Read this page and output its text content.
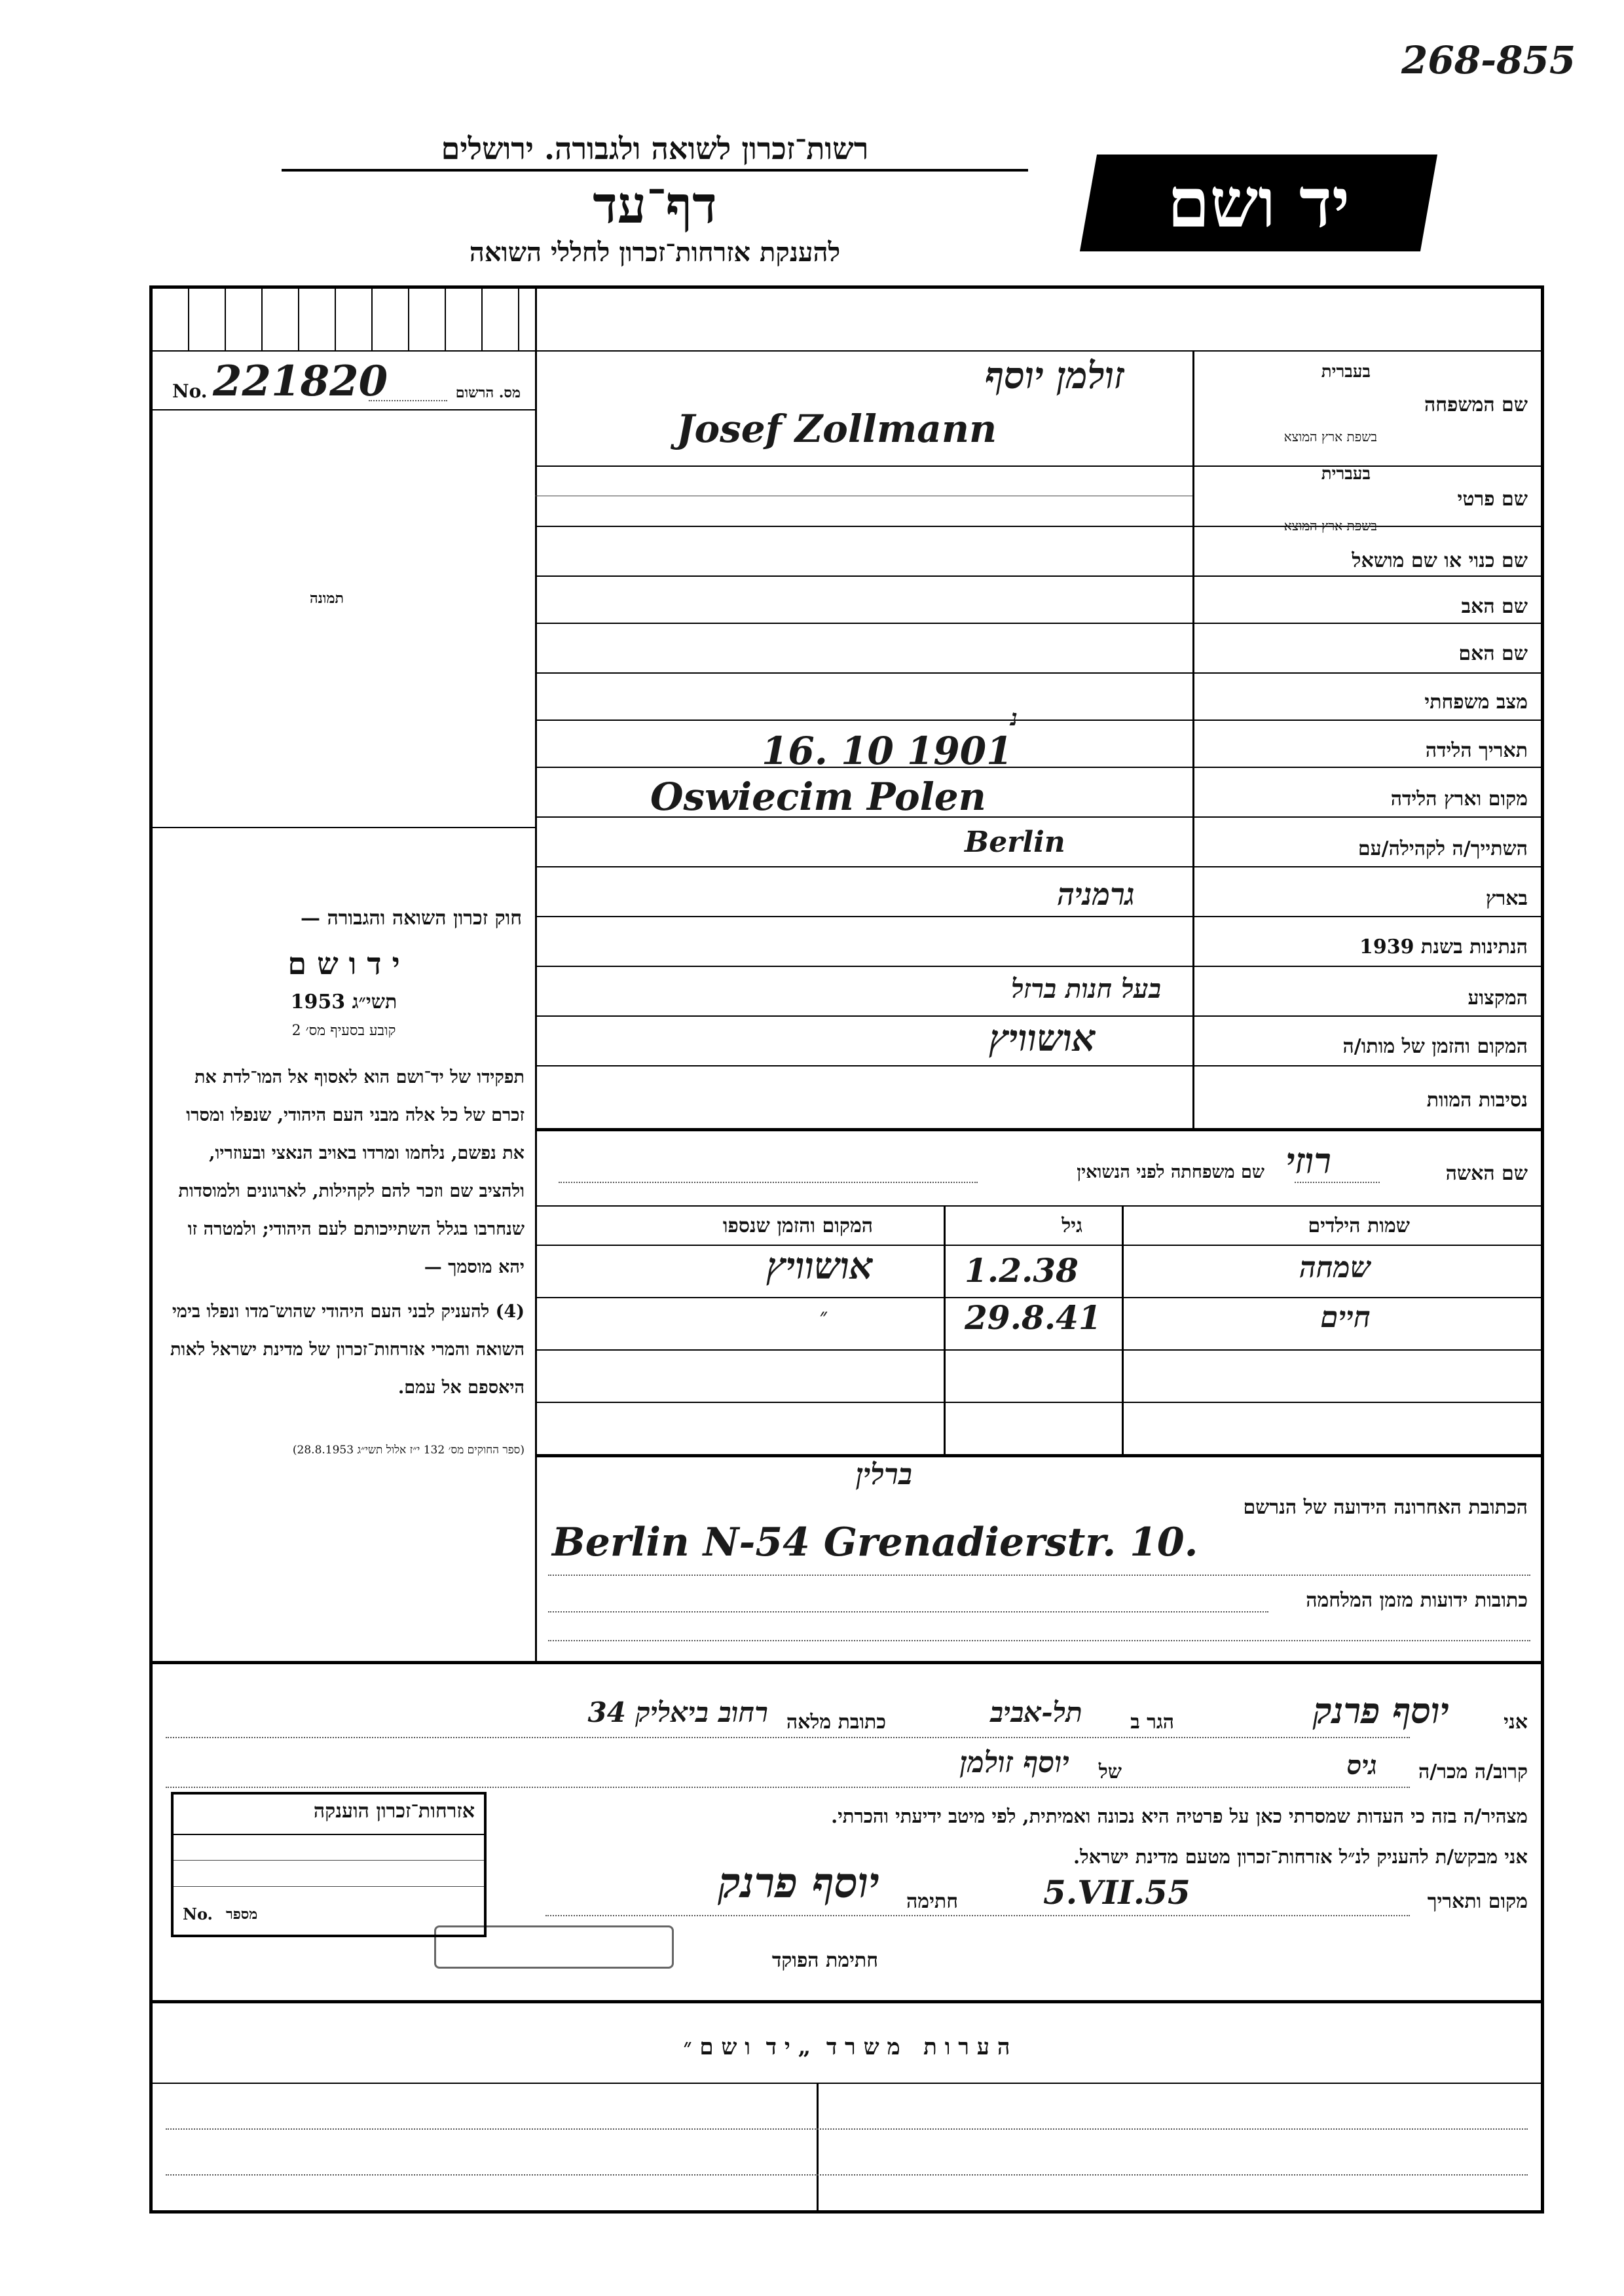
268-855
רשות־זכרון לשואה ולגבורה. ירושלים
דף־עד
להענקת אזרחות־זכרון לחללי השואה
יד ושם
No. 221820	מס. הרשום
תמונה
חוק זכרון השואה והגבורה —
י ד ו ש ם
תשי״ג 1953
קובע בסעיף מס׳ 2
תפקידו של יד־ושם הוא לאסוף אל המו־לדת את זכרם של כל אלה מבני העם היהודי, שנפלו ומסרו את נפשם, נלחמו ומרדו באויב הנאצי ובעוזריו, ולהציב שם וזכר להם לקהילות, לארגונים ולמוסדות שנחרבו בגלל השתייכותם לעם היהודי; ולמטרה זו יהא מוסמך —
(4) להעניק לבני העם היהודי שהוש־מדו ונפלו בימי השואה והמרי אזרחות־זכרון של מדינת ישראל לאות היאספם אל עמם.
(ספר החוקים מס׳ 132 י״ז אלול תשי״ג 28.8.1953)
שם המשפחה
בעברית
בשפת ארץ המוצא
זולמן יוסף
Josef Zollmann
שם פרטי
בעברית
בשפת ארץ המוצא
שם כנוי או שם מושאל
שם האב
שם האם
מצב משפחתי
נ
תאריך הלידה
16. 10 1901
מקום וארץ הלידה
Oswiecim Polen
השתייך/ה לקהילה/עם
Berlin
בארץ
גרמניה
הנתינות בשנת 1939
המקצוע
בעל חנות ברזל
המקום והזמן של מותו/ה
אושוויץ
נסיבות המוות
שם האשה
רוזי
שם משפחתה לפני הנשואין
שמות הילדים
גיל
המקום והזמן שנספו
שמחה
1.2.38
אושוויץ
חיים
29.8.41
״
הכתובת האחרונה הידועה של הנרשם
ברלין
Berlin N-54 Grenadierstr. 10.
כתובות ידועות מזמן המלחמה
אני
יוסף פרנק
הגר ב
תל-אביב
כתובת מלאה
רחוב ביאליק 34
קרוב/ה מכר/ה
גיס
של
יוסף זולמן
מצהיר/ה בזה כי העדות שמסרתי כאן על פרטיה היא נכונה ואמיתית, לפי מיטב ידיעתי והכרתי.
אני מבקש/ת להעניק לנ״ל אזרחות־זכרון מטעם מדינת ישראל.
מקום ותאריך
5.VII.55
חתימה
יוסף פרנק
חתימת הפוקד
אזרחות־זכרון הוענקה
No. מספר
ה ע ר ו ת   מ ש ר ד  „ י ד  ו ש ם ״
